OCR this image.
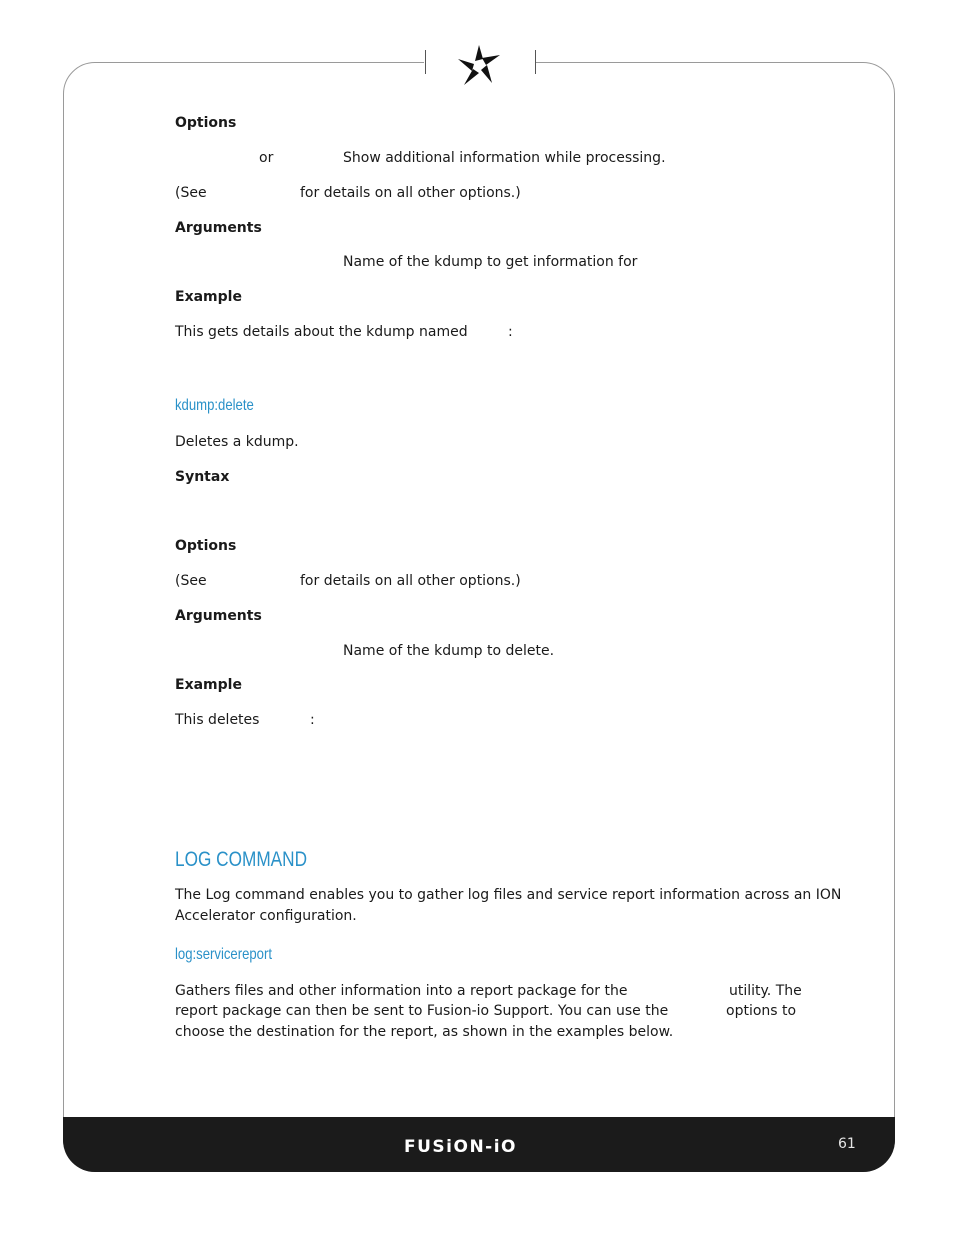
Options
or	Show additional information while processing.
(See	for details on all other options.)
Arguments
Name of the kdump to get information for
Example
This gets details about the kdump named	:
kdump:delete
Deletes a kdump.
Syntax
Options
(See	for details on all other options.)
Arguments
Name of the kdump to delete.
Example
This deletes	:
LOG COMMAND
The Log command enables you to gather log files and service report information across an ION
Accelerator configuration.
log:servicereport
Gathers files and other information into a report package for the	utility. The
report package can then be sent to Fusion-io Support. You can use the	options to
choose the destination for the report, as shown in the examples below.
FUSiON-iO	61
